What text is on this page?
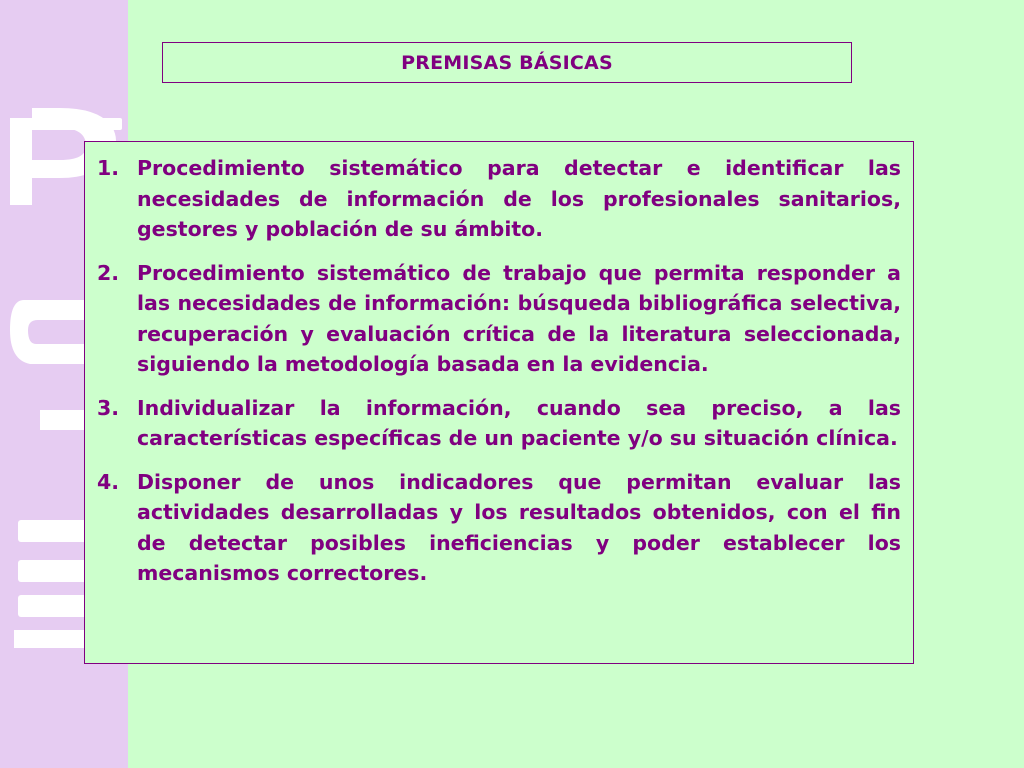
PREMISAS BÁSICAS
1. Procedimiento sistemático para detectar e identificar las necesidades de información de los profesionales sanitarios, gestores y población de su ámbito.
2. Procedimiento sistemático de trabajo que permita responder a las necesidades de información: búsqueda bibliográfica selectiva, recuperación y evaluación crítica de la literatura seleccionada, siguiendo la metodología basada en la evidencia.
3. Individualizar la información, cuando sea preciso, a las características específicas de un paciente y/o su situación clínica.
4. Disponer de unos indicadores que permitan evaluar las actividades desarrolladas y los resultados obtenidos, con el fin de detectar posibles ineficiencias y poder establecer los mecanismos correctores.
